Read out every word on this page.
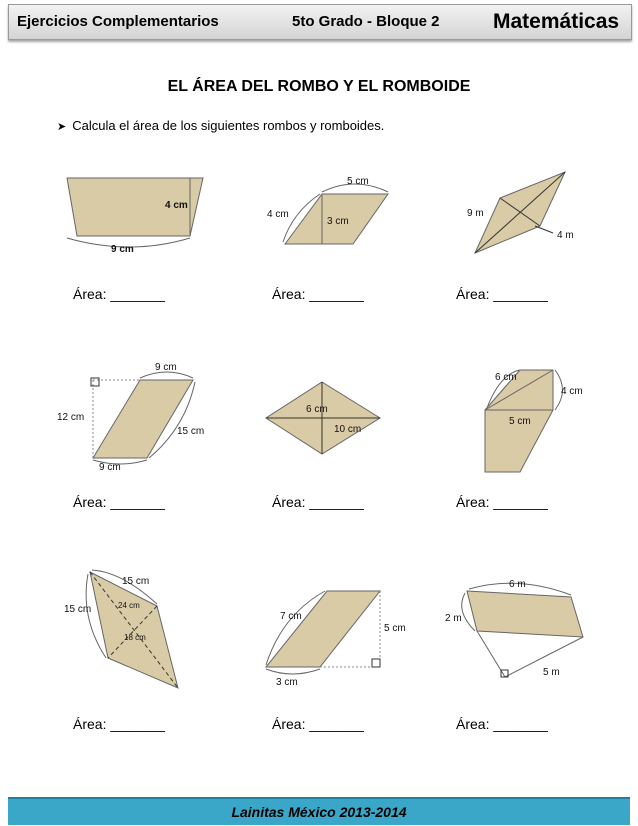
Ejercicios Complementarios	5to Grado - Bloque 2	Matemáticas
EL ÁREA DEL ROMBO Y EL ROMBOIDE
➤ Calcula el área de los siguientes rombos y romboides.
4 cm
9 cm
5 cm
4 cm
3 cm
9 m
4 m
Área: _______	Área: _______	Área: _______
9 cm
12 cm
15 cm
9 cm
6 cm
10 cm
6 cm
4 cm
5 cm
Área: _______	Área: _______	Área: _______
15 cm
15 cm	24 cm
18 cm
7 cm
5 cm
3 cm
6 m
2 m
5 m
Área: _______	Área: _______	Área: _______
Lainitas México 2013-2014
